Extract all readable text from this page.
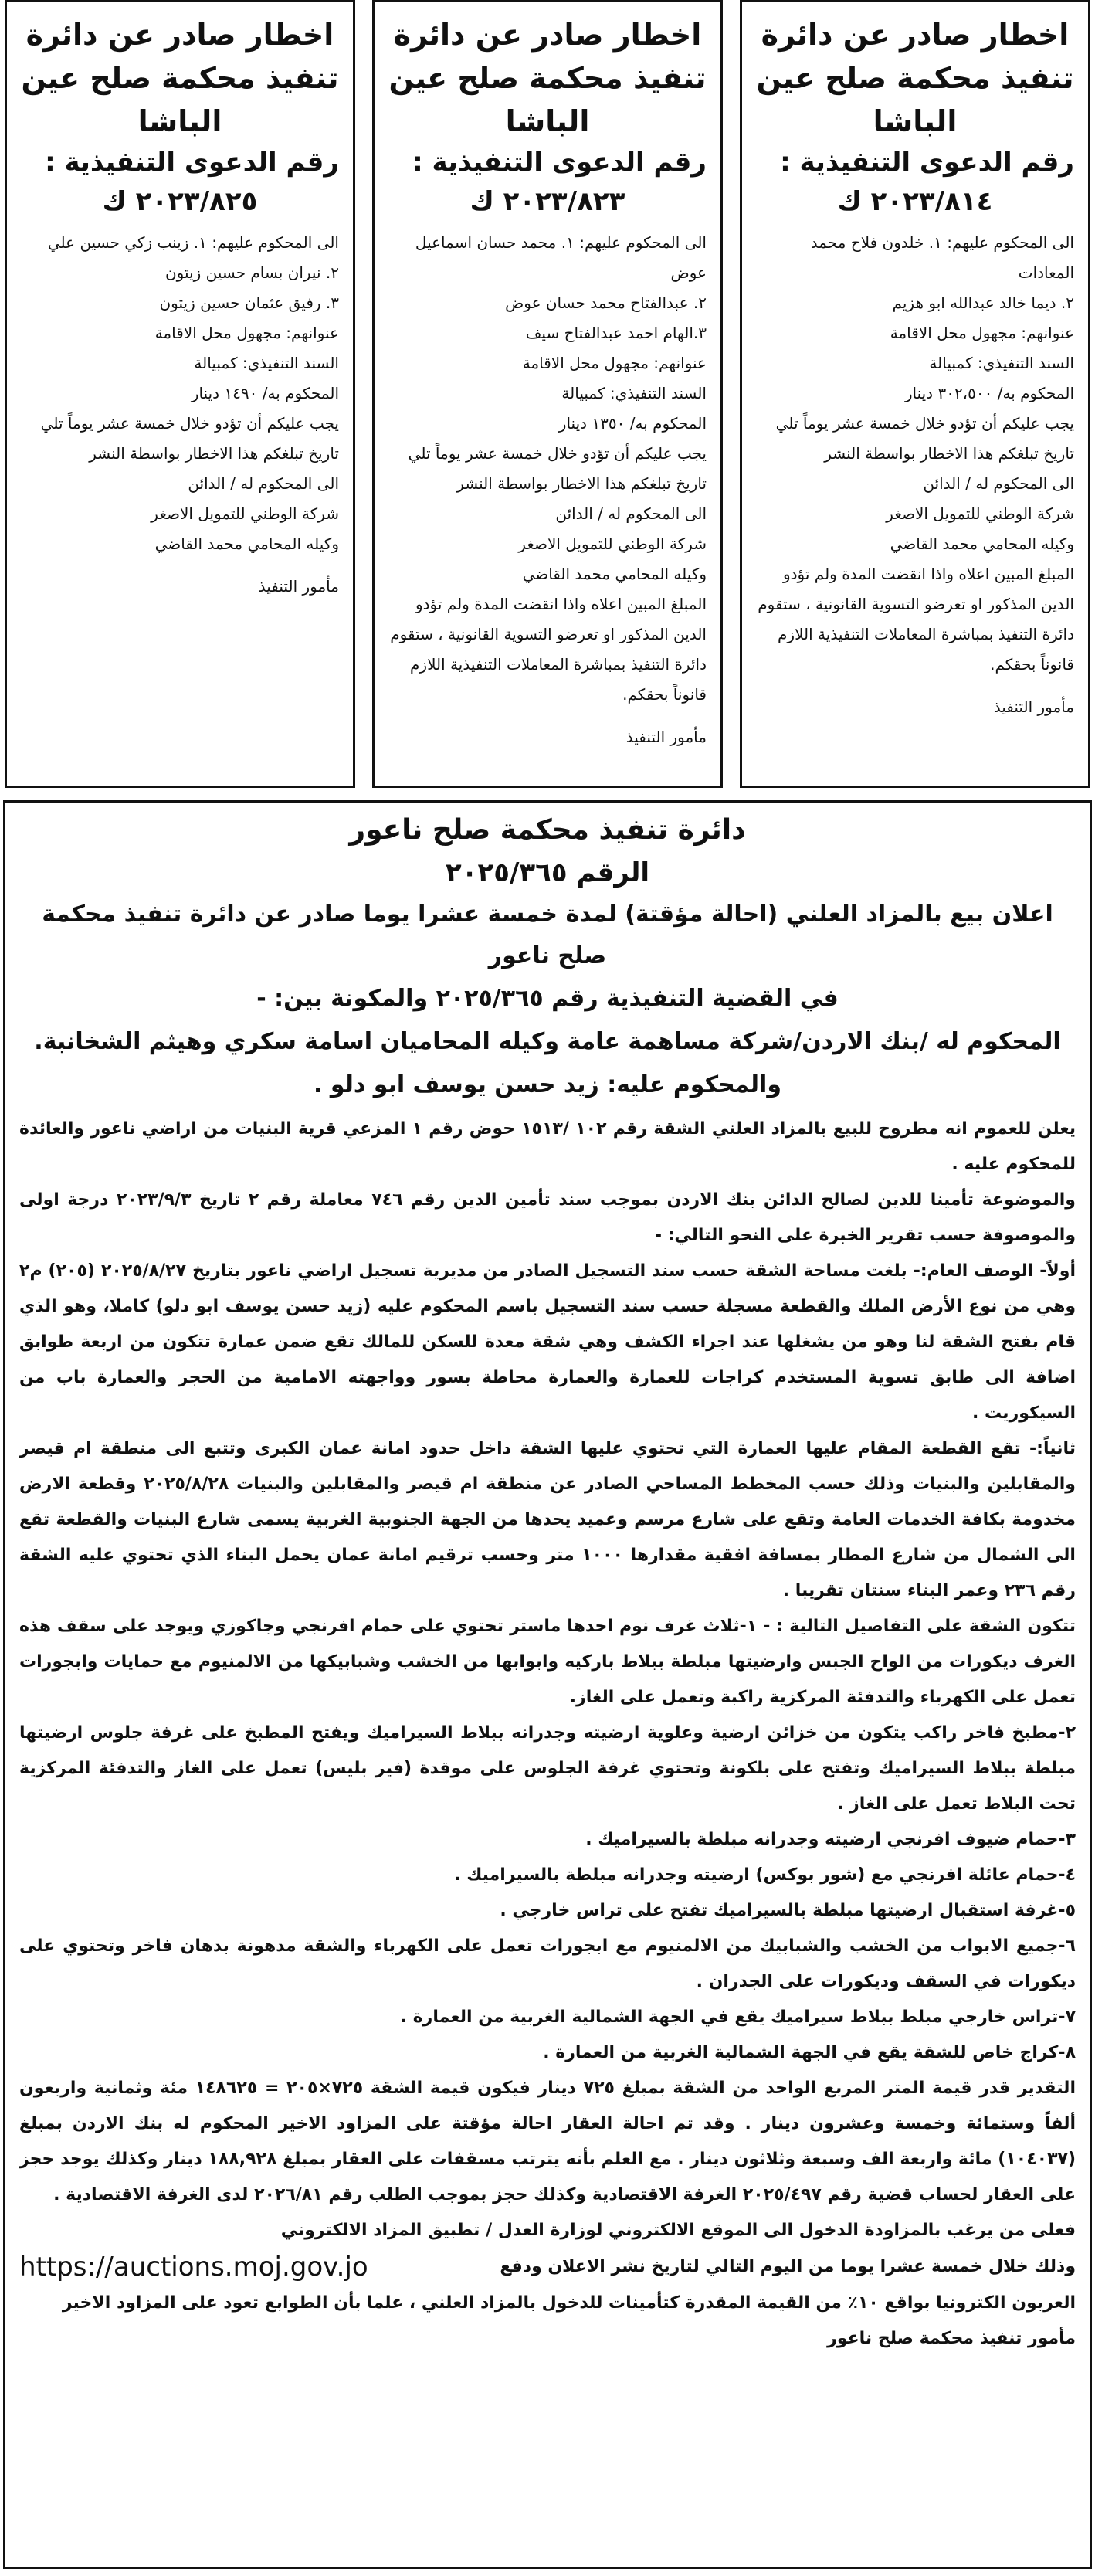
اخطار صادر عن دائرة تنفيذ محكمة صلح عين الباشا
رقم الدعوى التنفيذية :
٢٠٢٣/٨١٤ ك
الى المحكوم عليهم: ١. خلدون فلاح محمد المعادات
٢. ديما خالد عبدالله ابو هزيم
عنوانهم: مجهول محل الاقامة
السند التنفيذي: كمبيالة
المحكوم به/ ٣٠٢،٥٠٠ دينار
يجب عليكم أن تؤدو خلال خمسة عشر يوماً تلي تاريخ تبلغكم هذا الاخطار بواسطة النشر
الى المحكوم له / الدائن
شركة الوطني للتمويل الاصغر
وكيله المحامي محمد القاضي
المبلغ المبين اعلاه واذا انقضت المدة ولم تؤدو الدين المذكور او تعرضو التسوية القانونية ، ستقوم دائرة التنفيذ بمباشرة المعاملات التنفيذية اللازم قانوناً بحقكم.
مأمور التنفيذ
اخطار صادر عن دائرة تنفيذ محكمة صلح عين الباشا
رقم الدعوى التنفيذية :
٢٠٢٣/٨٢٣ ك
الى المحكوم عليهم: ١. محمد حسان اسماعيل عوض
٢. عبدالفتاح محمد حسان عوض
٣.الهام احمد عبدالفتاح سيف
عنوانهم: مجهول محل الاقامة
السند التنفيذي: كمبيالة
المحكوم به/ ١٣٥٠ دينار
يجب عليكم أن تؤدو خلال خمسة عشر يوماً تلي تاريخ تبلغكم هذا الاخطار بواسطة النشر
الى المحكوم له / الدائن
شركة الوطني للتمويل الاصغر
وكيله المحامي محمد القاضي
المبلغ المبين اعلاه واذا انقضت المدة ولم تؤدو الدين المذكور او تعرضو التسوية القانونية ، ستقوم دائرة التنفيذ بمباشرة المعاملات التنفيذية اللازم قانوناً بحقكم.
مأمور التنفيذ
اخطار صادر عن دائرة تنفيذ محكمة صلح عين الباشا
رقم الدعوى التنفيذية :
٢٠٢٣/٨٢٥ ك
الى المحكوم عليهم: ١. زينب زكي حسين علي
٢. نيران بسام حسين زيتون
٣. رفيق عثمان حسين زيتون
عنوانهم: مجهول محل الاقامة
السند التنفيذي: كمبيالة
المحكوم به/ ١٤٩٠ دينار
يجب عليكم أن تؤدو خلال خمسة عشر يوماً تلي تاريخ تبلغكم هذا الاخطار بواسطة النشر
الى المحكوم له / الدائن
شركة الوطني للتمويل الاصغر
وكيله المحامي محمد القاضي
مأمور التنفيذ
دائرة تنفيذ محكمة صلح ناعور
الرقم ٢٠٢٥/٣٦٥
اعلان بيع بالمزاد العلني (احالة مؤقتة) لمدة خمسة عشرا يوما صادر عن دائرة تنفيذ محكمة صلح ناعور
في القضية التنفيذية رقم ٢٠٢٥/٣٦٥ والمكونة بين: -
المحكوم له /بنك الاردن/شركة مساهمة عامة وكيله المحاميان اسامة سكري وهيثم الشخانبة.
والمحكوم عليه: زيد حسن يوسف ابو دلو .
يعلن للعموم انه مطروح للبيع بالمزاد العلني الشقة رقم ١٠٢ /١٥١٣ حوض رقم ١ المزعي قرية البنيات من اراضي ناعور والعائدة للمحكوم عليه .
والموضوعة تأمينا للدين لصالح الدائن بنك الاردن بموجب سند تأمين الدين رقم ٧٤٦ معاملة رقم ٢ تاريخ ٢٠٢٣/٩/٣ درجة اولى والموصوفة حسب تقرير الخبرة على النحو التالي: -
أولاً- الوصف العام:- بلغت مساحة الشقة حسب سند التسجيل الصادر من مديرية تسجيل اراضي ناعور بتاريخ ٢٠٢٥/٨/٢٧ (٢٠٥) م٢ وهي من نوع الأرض الملك والقطعة مسجلة حسب سند التسجيل باسم المحكوم عليه (زيد حسن يوسف ابو دلو) كاملا، وهو الذي قام بفتح الشقة لنا وهو من يشغلها عند اجراء الكشف وهي شقة معدة للسكن للمالك تقع ضمن عمارة تتكون من اربعة طوابق اضافة الى طابق تسوية المستخدم كراجات للعمارة والعمارة محاطة بسور وواجهته الامامية من الحجر والعمارة باب من السيكوريت .
ثانياً:- تقع القطعة المقام عليها العمارة التي تحتوي عليها الشقة داخل حدود امانة عمان الكبرى وتتبع الى منطقة ام قيصر والمقابلين والبنيات وذلك حسب المخطط المساحي الصادر عن منطقة ام قيصر والمقابلين والبنيات ٢٠٢٥/٨/٢٨ وقطعة الارض مخدومة بكافة الخدمات العامة وتقع على شارع مرسم وعميد يحدها من الجهة الجنوبية الغربية يسمى شارع البنيات والقطعة تقع الى الشمال من شارع المطار بمسافة افقية مقدارها ١٠٠٠ متر وحسب ترقيم امانة عمان يحمل البناء الذي تحتوي عليه الشقة رقم ٢٣٦ وعمر البناء سنتان تقريبا .
تتكون الشقة على التفاصيل التالية : - ١-ثلاث غرف نوم احدها ماستر تحتوي على حمام افرنجي وجاكوزي ويوجد على سقف هذه الغرف ديكورات من الواح الجبس وارضيتها مبلطة ببلاط باركيه وابوابها من الخشب وشبابيكها من الالمنيوم مع حمايات وابجورات تعمل على الكهرباء والتدفئة المركزية راكبة وتعمل على الغاز.
٢-مطبخ فاخر راكب يتكون من خزائن ارضية وعلوية ارضيته وجدرانه ببلاط السيراميك ويفتح المطبخ على غرفة جلوس ارضيتها مبلطة ببلاط السيراميك وتفتح على بلكونة وتحتوي غرفة الجلوس على موقدة (فير بليس) تعمل على الغاز والتدفئة المركزية تحت البلاط تعمل على الغاز .
٣-حمام ضيوف افرنجي ارضيته وجدرانه مبلطة بالسيراميك .
٤-حمام عائلة افرنجي مع (شور بوكس) ارضيته وجدرانه مبلطة بالسيراميك .
٥-غرفة استقبال ارضيتها مبلطة بالسيراميك تفتح على تراس خارجي .
٦-جميع الابواب من الخشب والشبابيك من الالمنيوم مع ابجورات تعمل على الكهرباء والشقة مدهونة بدهان فاخر وتحتوي على ديكورات في السقف وديكورات على الجدران .
٧-تراس خارجي مبلط ببلاط سيراميك يقع في الجهة الشمالية الغربية من العمارة .
٨-كراج خاص للشقة يقع في الجهة الشمالية الغربية من العمارة .
التقدير قدر قيمة المتر المربع الواحد من الشقة بمبلغ ٧٢٥ دينار فيكون قيمة الشقة ٧٢٥×٢٠٥ = ١٤٨٦٢٥ مئة وثمانية واربعون ألفاً وستمائة وخمسة وعشرون دينار . وقد تم احالة العقار احالة مؤقتة على المزاود الاخير المحكوم له بنك الاردن بمبلغ (١٠٤٠٣٧) مائة واربعة الف وسبعة وثلاثون دينار . مع العلم بأنه يترتب مسقفات على العقار بمبلغ ١٨٨,٩٢٨ دينار وكذلك يوجد حجز على العقار لحساب قضية رقم ٢٠٢٥/٤٩٧ الغرفة الاقتصادية وكذلك حجز بموجب الطلب رقم ٢٠٢٦/٨١ لدى الغرفة الاقتصادية .
فعلى من يرغب بالمزاودة الدخول الى الموقع الالكتروني لوزارة العدل / تطبيق المزاد الالكتروني
وذلك خلال خمسة عشرا يوما من اليوم التالي لتاريخ نشر الاعلان ودفع
https://auctions.moj.gov.jo
العربون الكترونيا بواقع ١٠٪ من القيمة المقدرة كتأمينات للدخول بالمزاد العلني ، علما بأن الطوابع تعود على المزاود الاخير
مأمور تنفيذ محكمة صلح ناعور
